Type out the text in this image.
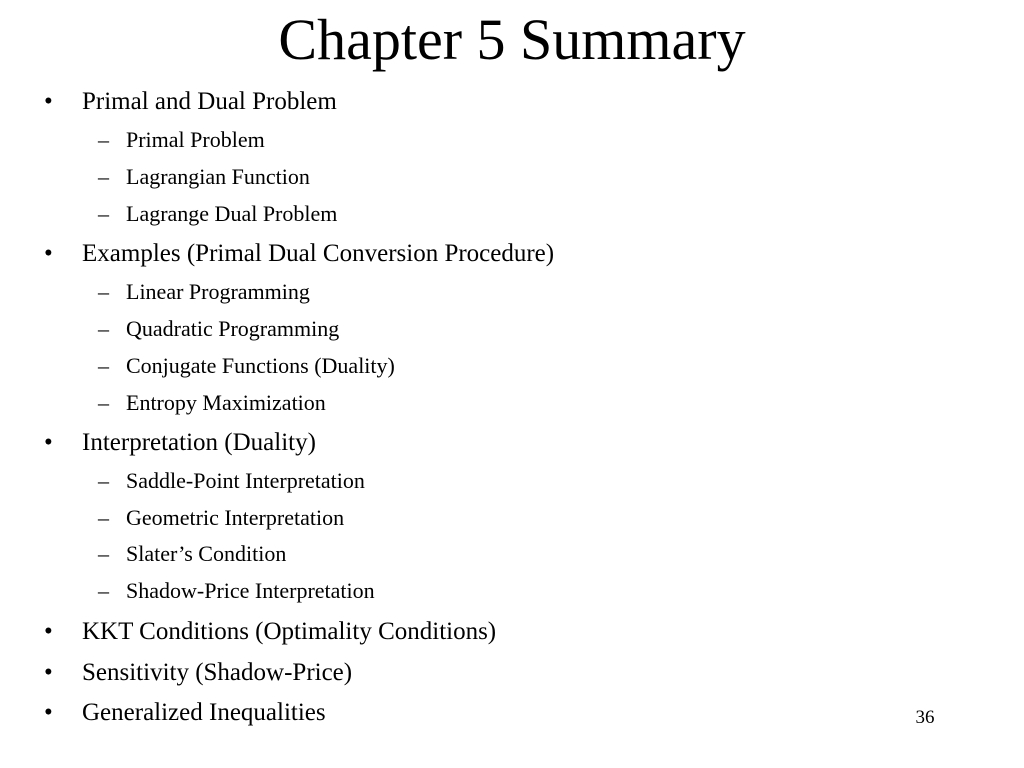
Chapter 5 Summary
•	Primal and Dual Problem
– Primal Problem
– Lagrangian Function
– Lagrange Dual Problem
•	Examples (Primal Dual Conversion Procedure)
– Linear Programming
– Quadratic Programming
– Conjugate Functions (Duality)
– Entropy Maximization
•	Interpretation (Duality)
– Saddle-Point Interpretation
– Geometric Interpretation
– Slater’s Condition
– Shadow-Price Interpretation
•	KKT Conditions (Optimality Conditions)
•	Sensitivity (Shadow-Price)
•	Generalized Inequalities	36
